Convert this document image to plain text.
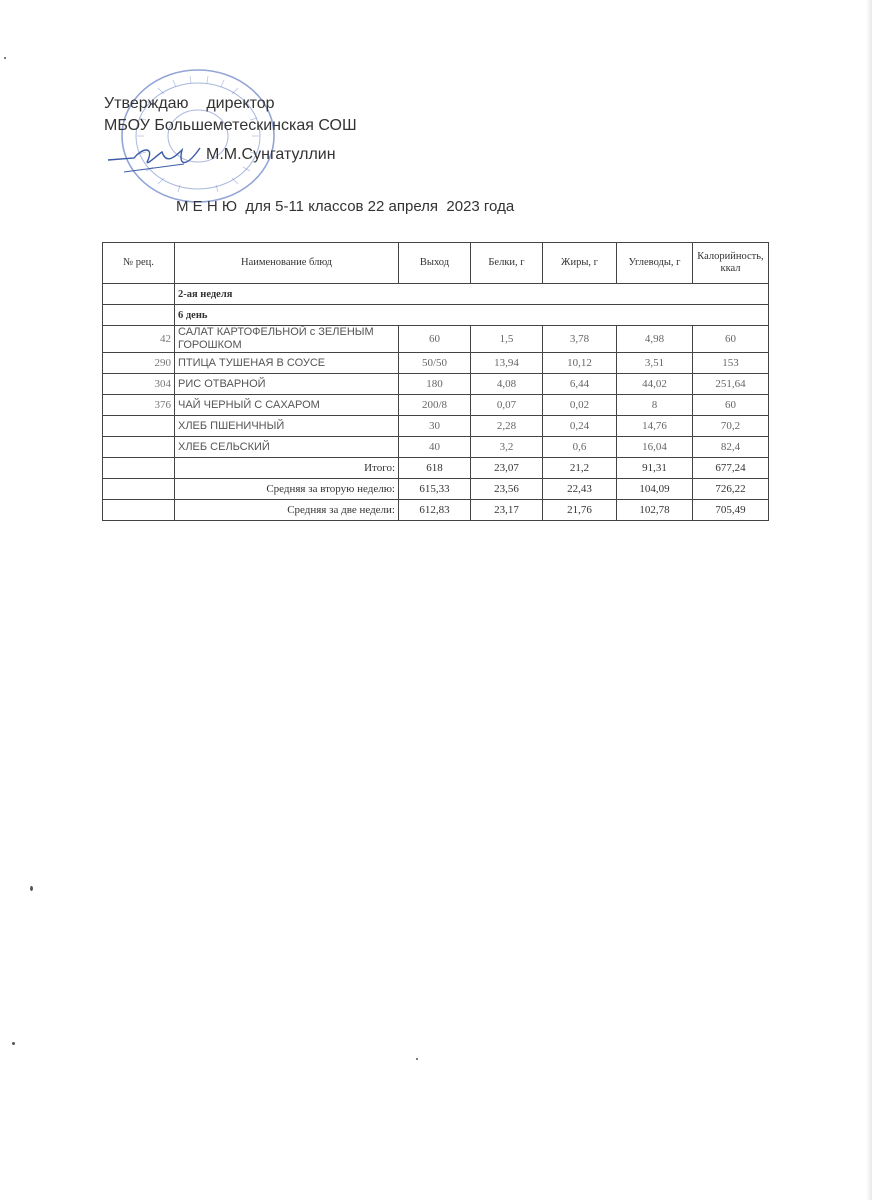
Утверждаю    директор
МБОУ Большеметескинская СОШ
М.М.Сунгатуллин
М Е Н Ю  для 5-11 классов 22 апреля  2023 года
№ рец.	Наименование блюд	Выход	Белки, г	Жиры, г	Углеводы, г	Калорийность, ккал
	2-ая неделя					
	6 день					
42	САЛАТ КАРТОФЕЛЬНОЙ с ЗЕЛЕНЫМ ГОРОШКОМ	60	1,5	3,78	4,98	60
290	ПТИЦА ТУШЕНАЯ В СОУСЕ	50/50	13,94	10,12	3,51	153
304	РИС ОТВАРНОЙ	180	4,08	6,44	44,02	251,64
376	ЧАЙ ЧЕРНЫЙ С САХАРОМ	200/8	0,07	0,02	8	60
	ХЛЕБ ПШЕНИЧНЫЙ	30	2,28	0,24	14,76	70,2
	ХЛЕБ СЕЛЬСКИЙ	40	3,2	0,6	16,04	82,4
	Итого:	618	23,07	21,2	91,31	677,24
	Средняя за вторую неделю:	615,33	23,56	22,43	104,09	726,22
	Средняя за две недели:	612,83	23,17	21,76	102,78	705,49
